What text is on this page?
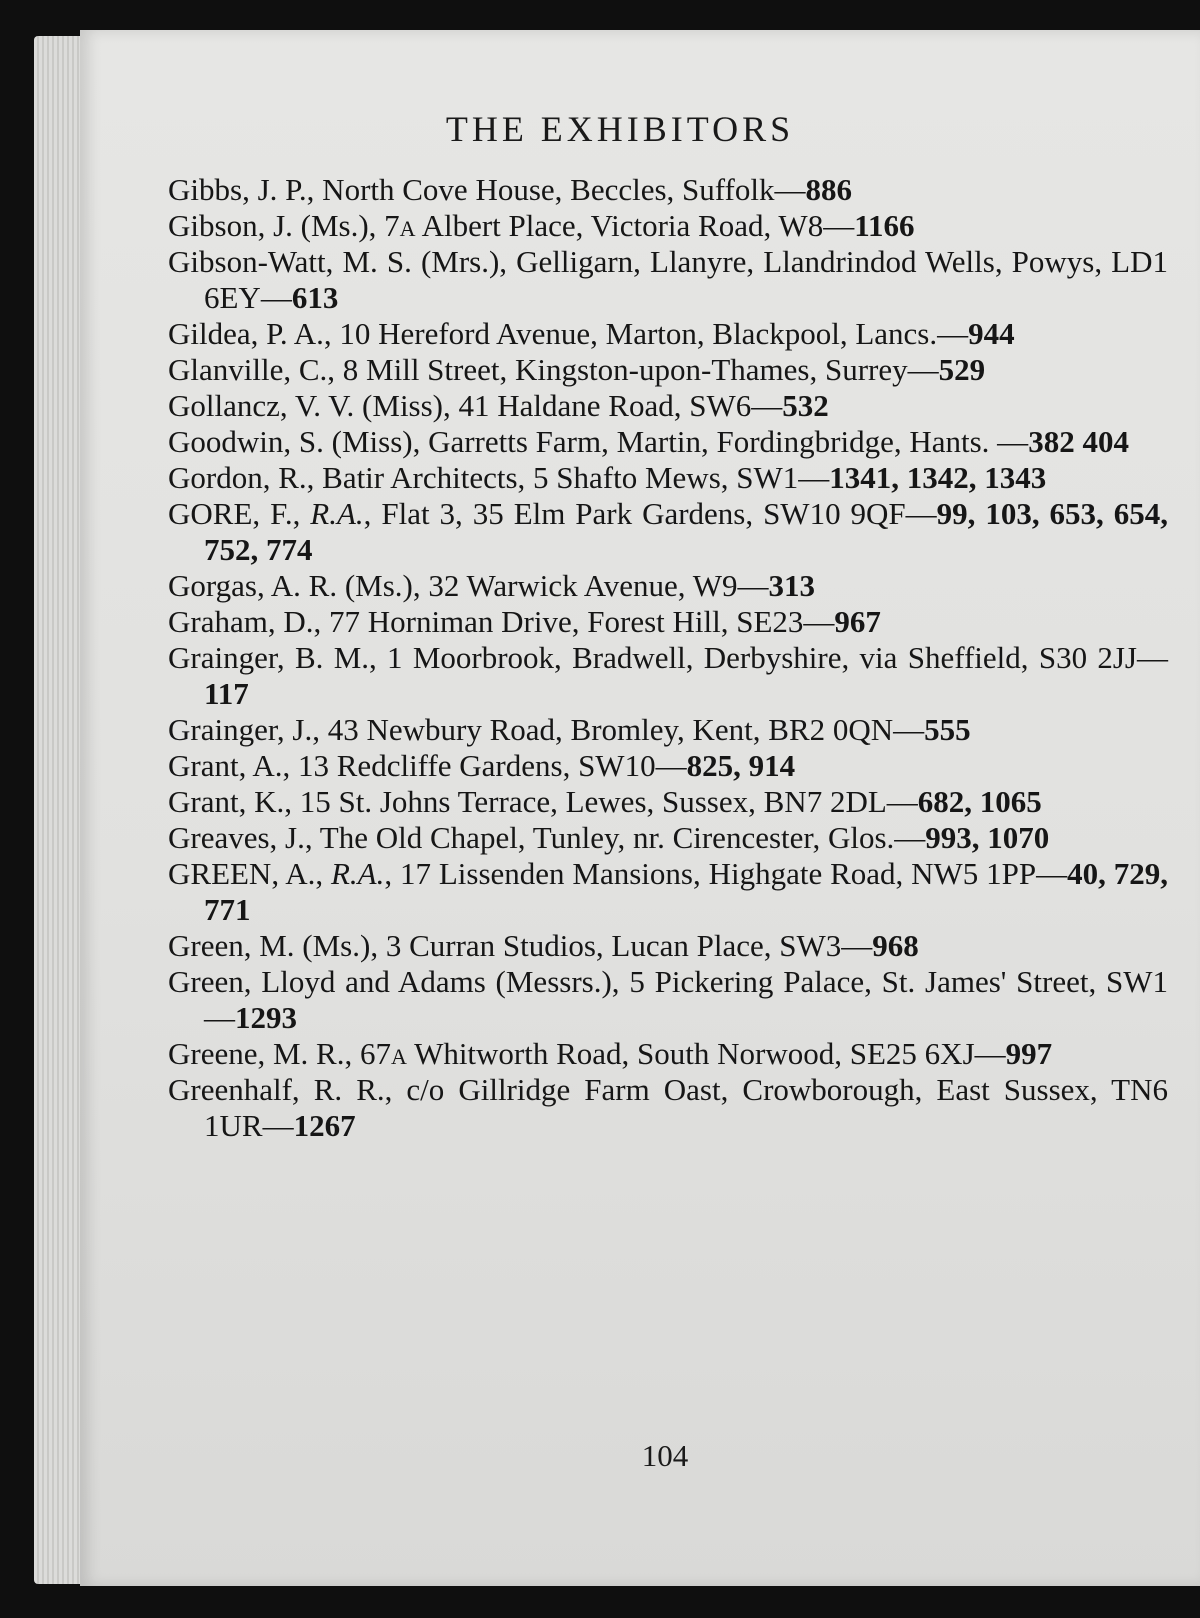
THE EXHIBITORS
Gibbs, J. P., North Cove House, Beccles, Suffolk—886
Gibson, J. (Ms.), 7a Albert Place, Victoria Road, W8—1166
Gibson-Watt, M. S. (Mrs.), Gelligarn, Llanyre, Llandrindod Wells, Powys, LD1 6EY—613
Gildea, P. A., 10 Hereford Avenue, Marton, Blackpool, Lancs.—944
Glanville, C., 8 Mill Street, Kingston-upon-Thames, Surrey—529
Gollancz, V. V. (Miss), 41 Haldane Road, SW6—532
Goodwin, S. (Miss), Garretts Farm, Martin, Fordingbridge, Hants. —382 404
Gordon, R., Batir Architects, 5 Shafto Mews, SW1—1341, 1342, 1343
GORE, F., R.A., Flat 3, 35 Elm Park Gardens, SW10 9QF—99, 103, 653, 654, 752, 774
Gorgas, A. R. (Ms.), 32 Warwick Avenue, W9—313
Graham, D., 77 Horniman Drive, Forest Hill, SE23—967
Grainger, B. M., 1 Moorbrook, Bradwell, Derbyshire, via Sheffield, S30 2JJ—117
Grainger, J., 43 Newbury Road, Bromley, Kent, BR2 0QN—555
Grant, A., 13 Redcliffe Gardens, SW10—825, 914
Grant, K., 15 St. Johns Terrace, Lewes, Sussex, BN7 2DL—682, 1065
Greaves, J., The Old Chapel, Tunley, nr. Cirencester, Glos.—993, 1070
GREEN, A., R.A., 17 Lissenden Mansions, Highgate Road, NW5 1PP—40, 729, 771
Green, M. (Ms.), 3 Curran Studios, Lucan Place, SW3—968
Green, Lloyd and Adams (Messrs.), 5 Pickering Palace, St. James' Street, SW1—1293
Greene, M. R., 67a Whitworth Road, South Norwood, SE25 6XJ—997
Greenhalf, R. R., c/o Gillridge Farm Oast, Crowborough, East Sussex, TN6 1UR—1267
104
